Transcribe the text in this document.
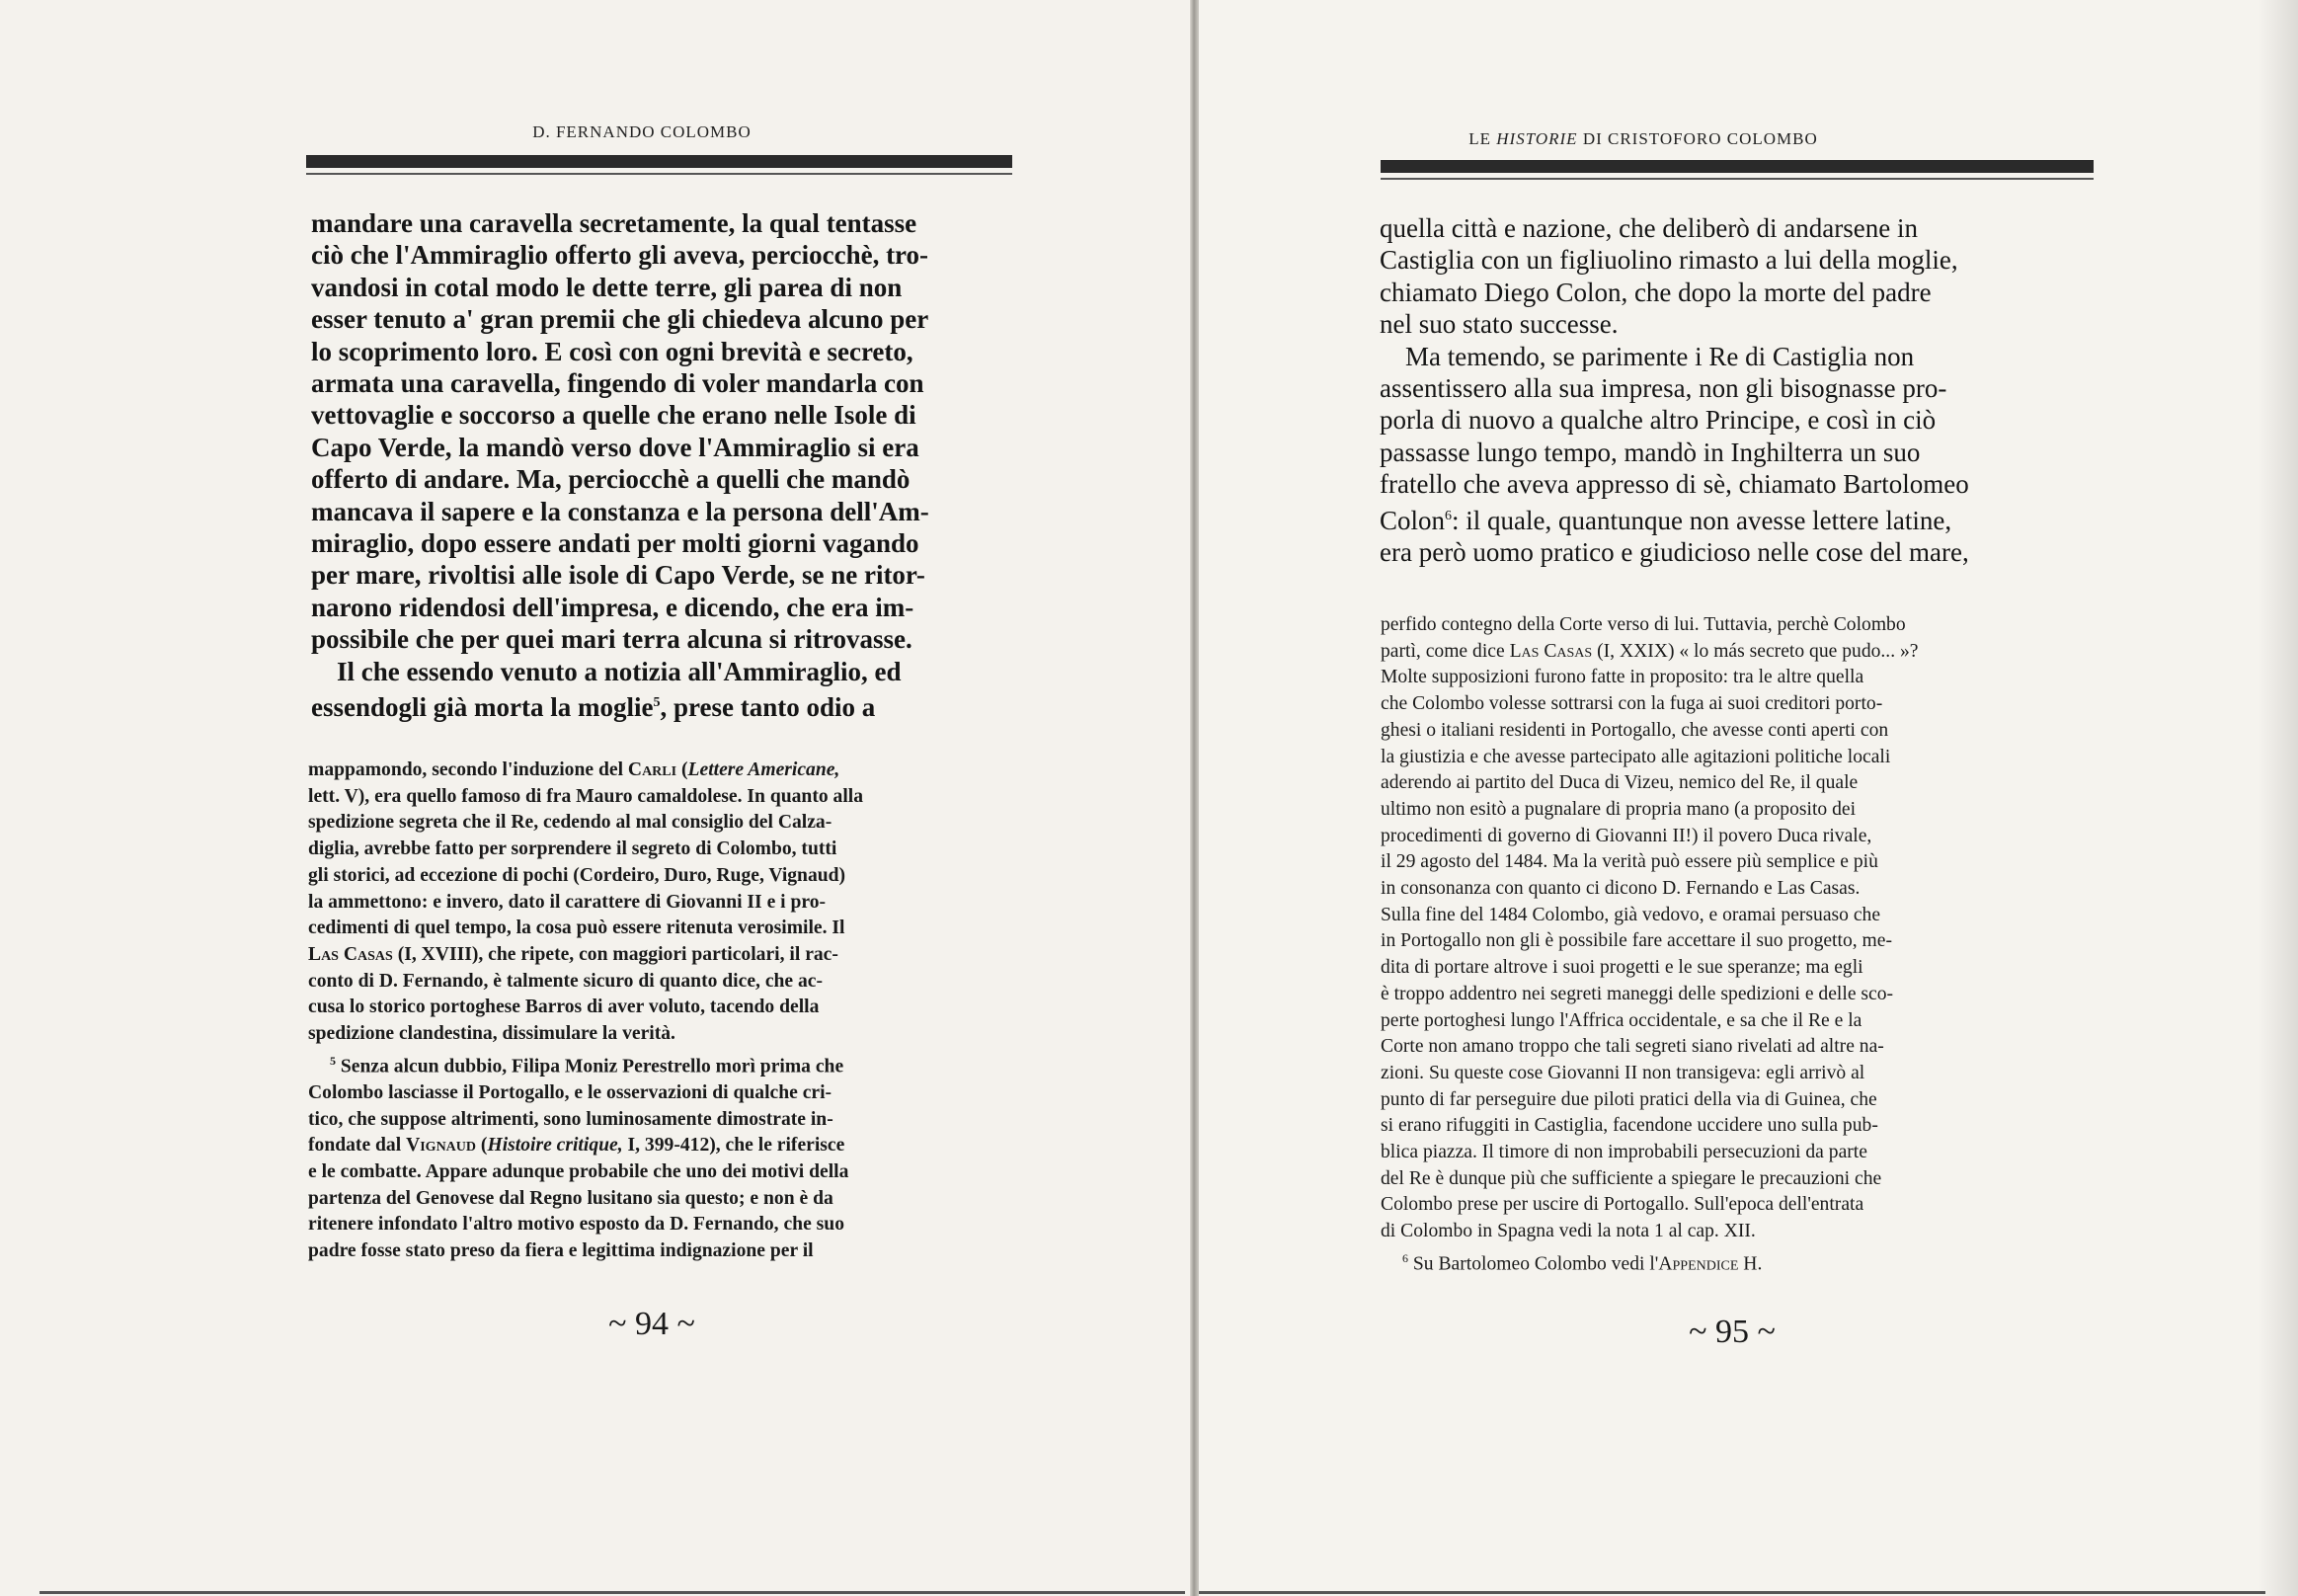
D. FERNANDO COLOMBO
mandare una caravella secretamente, la qual tentasse
ciò che l'Ammiraglio offerto gli aveva, perciocchè, tro-
vandosi in cotal modo le dette terre, gli parea di non
esser tenuto a' gran premii che gli chiedeva alcuno per
lo scoprimento loro. E così con ogni brevità e secreto,
armata una caravella, fingendo di voler mandarla con
vettovaglie e soccorso a quelle che erano nelle Isole di
Capo Verde, la mandò verso dove l'Ammiraglio si era
offerto di andare. Ma, perciocchè a quelli che mandò
mancava il sapere e la constanza e la persona dell'Am-
miraglio, dopo essere andati per molti giorni vagando
per mare, rivoltisi alle isole di Capo Verde, se ne ritor-
narono ridendosi dell'impresa, e dicendo, che era im-
possibile che per quei mari terra alcuna si ritrovasse.
Il che essendo venuto a notizia all'Ammiraglio, ed
essendogli già morta la moglie$^5$, prese tanto odio a
mappamondo, secondo l'induzione del Carli (Lettere Americane,
lett. V), era quello famoso di fra Mauro camaldolese. In quanto alla
spedizione segreta che il Re, cedendo al mal consiglio del Calza-
diglia, avrebbe fatto per sorprendere il segreto di Colombo, tutti
gli storici, ad eccezione di pochi (Cordeiro, Duro, Ruge, Vignaud)
la ammettono: e invero, dato il carattere di Giovanni II e i pro-
cedimenti di quel tempo, la cosa può essere ritenuta verosimile. Il
Las Casas (I, XVIII), che ripete, con maggiori particolari, il rac-
conto di D. Fernando, è talmente sicuro di quanto dice, che ac-
cusa lo storico portoghese Barros di aver voluto, tacendo della
spedizione clandestina, dissimulare la verità.
$^5$ Senza alcun dubbio, Filipa Moniz Perestrello morì prima che
Colombo lasciasse il Portogallo, e le osservazioni di qualche cri-
tico, che suppose altrimenti, sono luminosamente dimostrate in-
fondate dal Vignaud (Histoire critique, I, 399-412), che le riferisce
e le combatte. Appare adunque probabile che uno dei motivi della
partenza del Genovese dal Regno lusitano sia questo; e non è da
ritenere infondato l'altro motivo esposto da D. Fernando, che suo
padre fosse stato preso da fiera e legittima indignazione per il
~ 94 ~
LE HISTORIE DI CRISTOFORO COLOMBO
quella città e nazione, che deliberò di andarsene in
Castiglia con un figliuolino rimasto a lui della moglie,
chiamato Diego Colon, che dopo la morte del padre
nel suo stato successe.
Ma temendo, se parimente i Re di Castiglia non
assentissero alla sua impresa, non gli bisognasse pro-
porla di nuovo a qualche altro Principe, e così in ciò
passasse lungo tempo, mandò in Inghilterra un suo
fratello che aveva appresso di sè, chiamato Bartolomeo
Colon$^6$: il quale, quantunque non avesse lettere latine,
era però uomo pratico e giudicioso nelle cose del mare,
perfido contegno della Corte verso di lui. Tuttavia, perchè Colombo
partì, come dice Las Casas (I, XXIX) « lo más secreto que pudo... »?
Molte supposizioni furono fatte in proposito: tra le altre quella
che Colombo volesse sottrarsi con la fuga ai suoi creditori porto-
ghesi o italiani residenti in Portogallo, che avesse conti aperti con
la giustizia e che avesse partecipato alle agitazioni politiche locali
aderendo ai partito del Duca di Vizeu, nemico del Re, il quale
ultimo non esitò a pugnalare di propria mano (a proposito dei
procedimenti di governo di Giovanni II!) il povero Duca rivale,
il 29 agosto del 1484. Ma la verità può essere più semplice e più
in consonanza con quanto ci dicono D. Fernando e Las Casas.
Sulla fine del 1484 Colombo, già vedovo, e oramai persuaso che
in Portogallo non gli è possibile fare accettare il suo progetto, me-
dita di portare altrove i suoi progetti e le sue speranze; ma egli
è troppo addentro nei segreti maneggi delle spedizioni e delle sco-
perte portoghesi lungo l'Affrica occidentale, e sa che il Re e la
Corte non amano troppo che tali segreti siano rivelati ad altre na-
zioni. Su queste cose Giovanni II non transigeva: egli arrivò al
punto di far perseguire due piloti pratici della via di Guinea, che
si erano rifuggiti in Castiglia, facendone uccidere uno sulla pub-
blica piazza. Il timore di non improbabili persecuzioni da parte
del Re è dunque più che sufficiente a spiegare le precauzioni che
Colombo prese per uscire di Portogallo. Sull'epoca dell'entrata
di Colombo in Spagna vedi la nota 1 al cap. XII.
$^6$ Su Bartolomeo Colombo vedi l'Appendice H.
~ 95 ~
